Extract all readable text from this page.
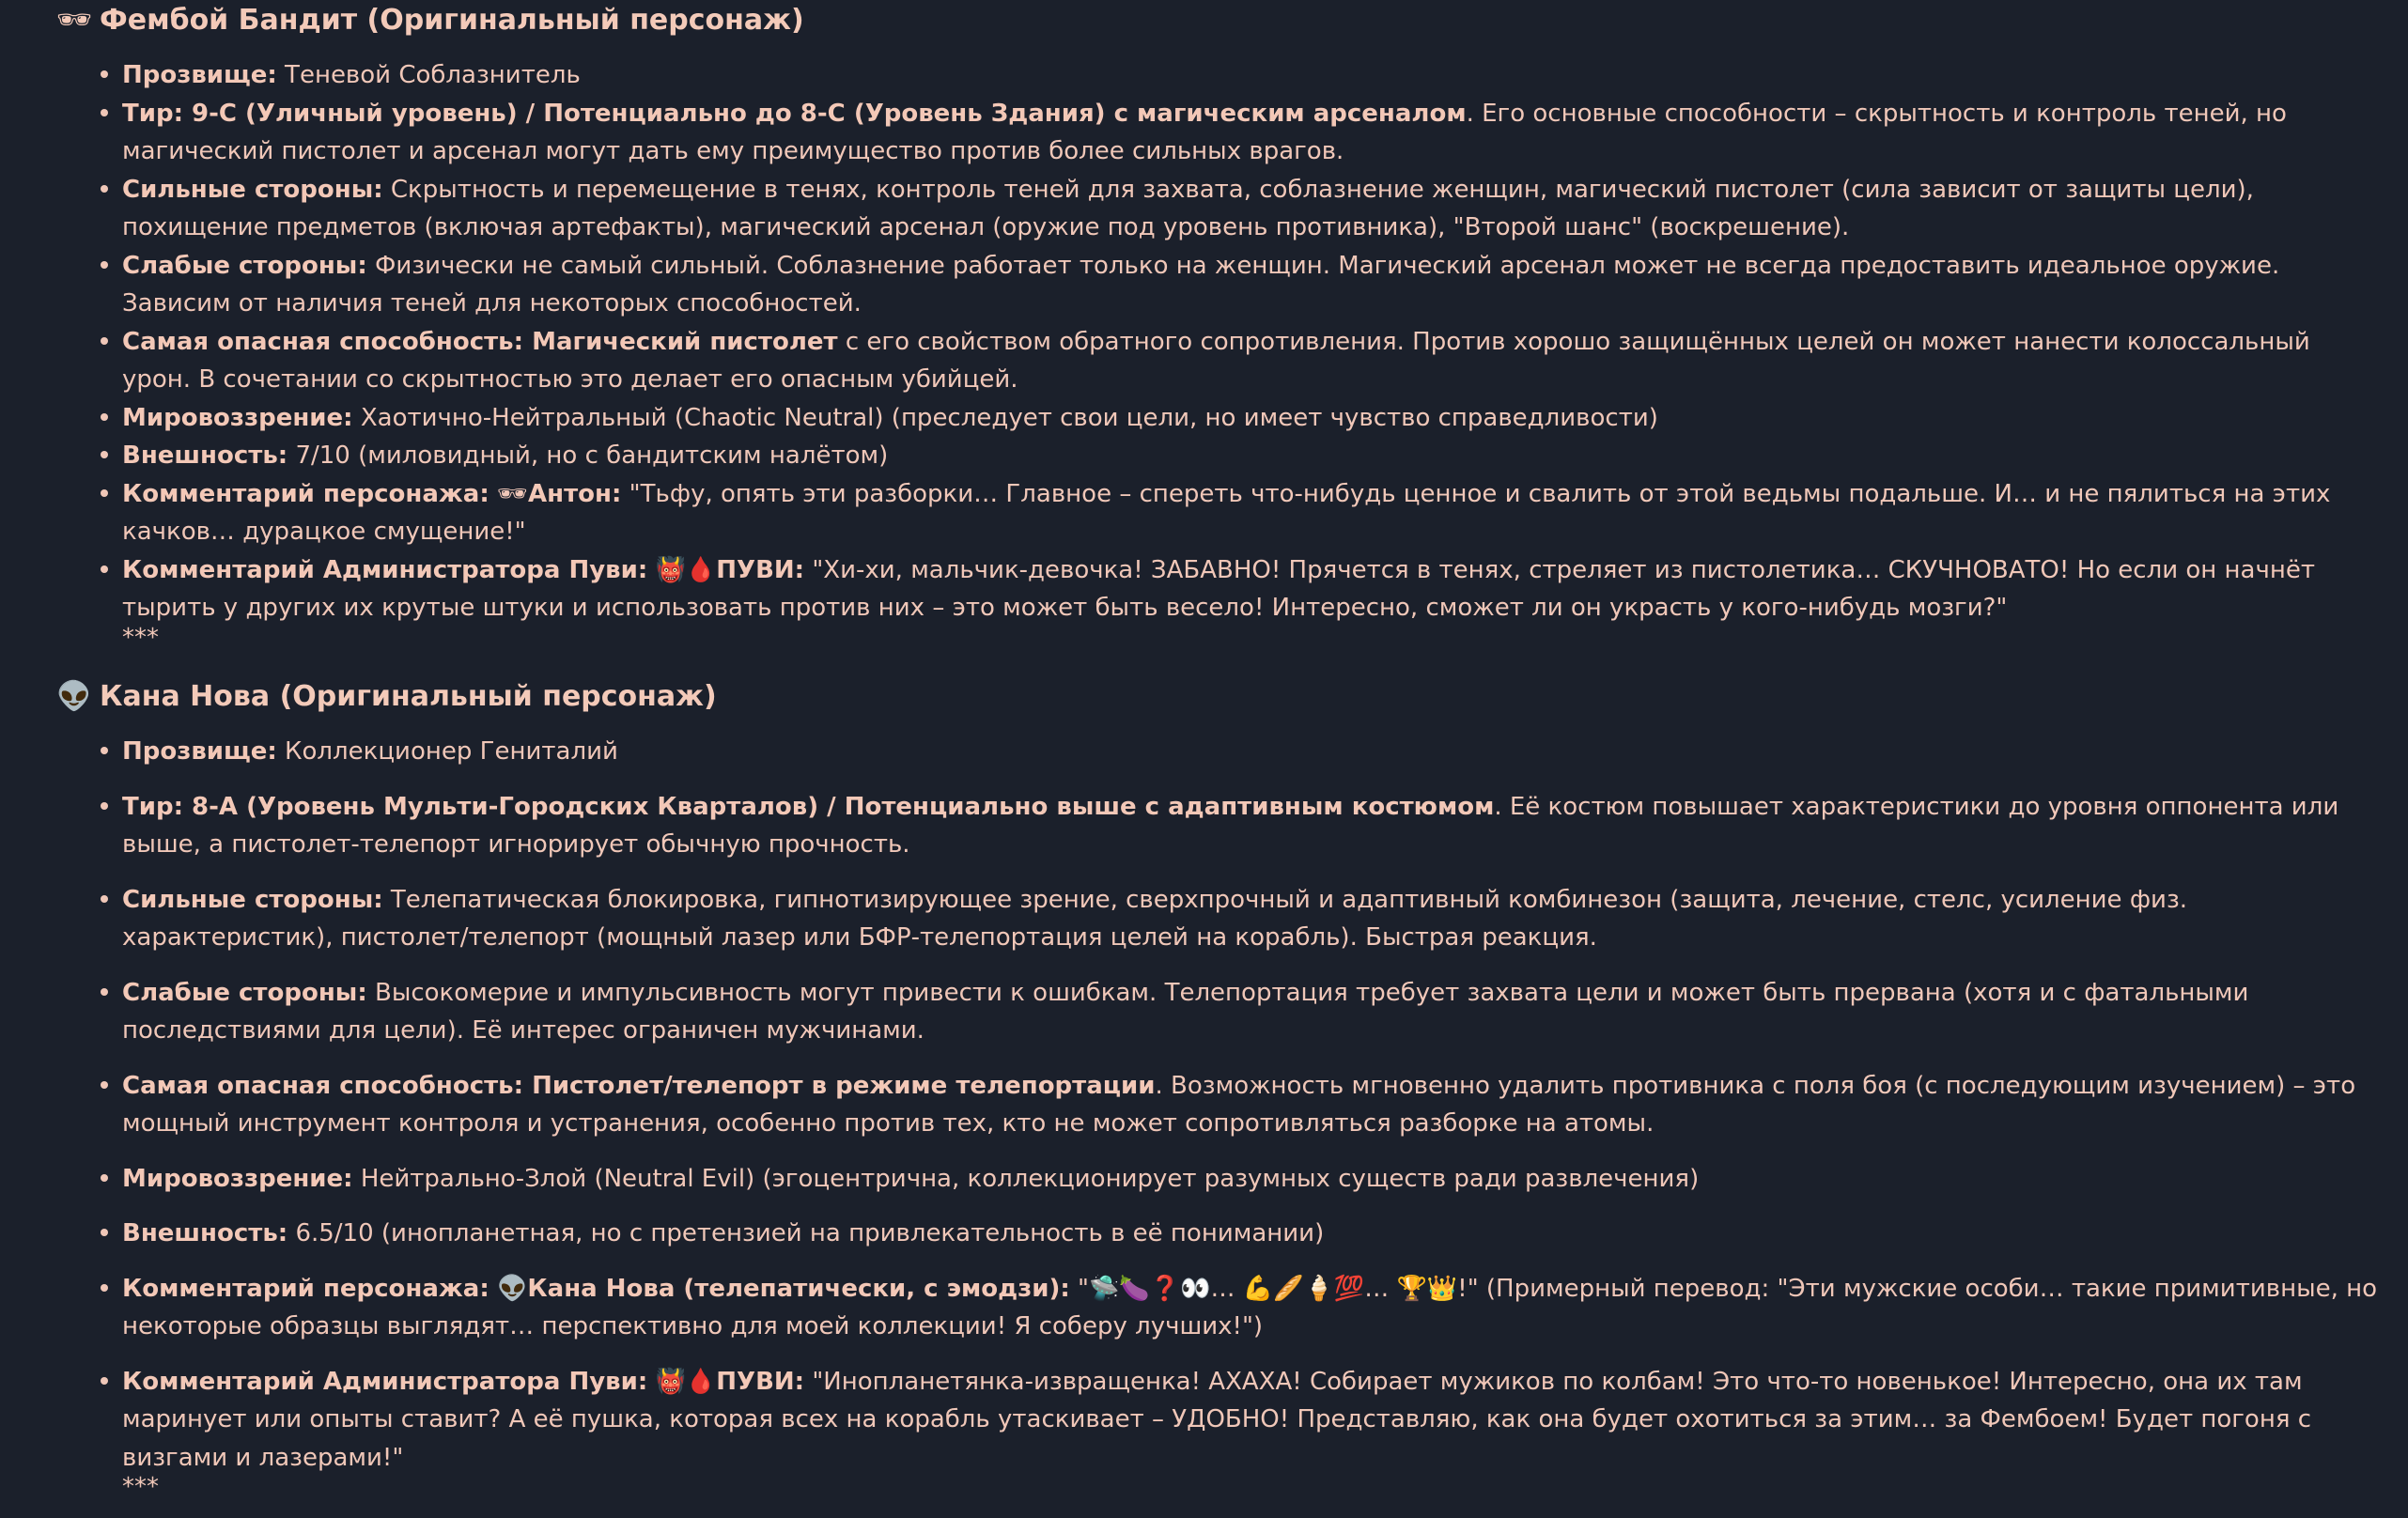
🕶 Фембой Бандит (Оригинальный персонаж)
Прозвище: Теневой Соблазнитель
Тир: 9-C (Уличный уровень) / Потенциально до 8-C (Уровень Здания) с магическим арсеналом. Его основные способности – скрытность и контроль теней, но магический пистолет и арсенал могут дать ему преимущество против более сильных врагов.
Сильные стороны: Скрытность и перемещение в тенях, контроль теней для захвата, соблазнение женщин, магический пистолет (сила зависит от защиты цели), похищение предметов (включая артефакты), магический арсенал (оружие под уровень противника), "Второй шанс" (воскрешение).
Слабые стороны: Физически не самый сильный. Соблазнение работает только на женщин. Магический арсенал может не всегда предоставить идеальное оружие. Зависим от наличия теней для некоторых способностей.
Самая опасная способность: Магический пистолет с его свойством обратного сопротивления. Против хорошо защищённых целей он может нанести колоссальный урон. В сочетании со скрытностью это делает его опасным убийцей.
Мировоззрение: Хаотично-Нейтральный (Chaotic Neutral) (преследует свои цели, но имеет чувство справедливости)
Внешность: 7/10 (миловидный, но с бандитским налётом)
Комментарий персонажа: 🕶Антон: "Тьфу, опять эти разборки… Главное – спереть что-нибудь ценное и свалить от этой ведьмы подальше. И… и не пялиться на этих качков… дурацкое смущение!"
Комментарий Администратора Пуви: 👹🩸ПУВИ: "Хи-хи, мальчик-девочка! ЗАБАВНО! Прячется в тенях, стреляет из пистолетика… СКУЧНОВАТО! Но если он начнёт тырить у других их крутые штуки и использовать против них – это может быть весело! Интересно, сможет ли он украсть у кого-нибудь мозги?"
***
👽 Кана Нова (Оригинальный персонаж)
Прозвище: Коллекционер Гениталий
Тир: 8-A (Уровень Мульти-Городских Кварталов) / Потенциально выше с адаптивным костюмом. Её костюм повышает характеристики до уровня оппонента или выше, а пистолет-телепорт игнорирует обычную прочность.
Сильные стороны: Телепатическая блокировка, гипнотизирующее зрение, сверхпрочный и адаптивный комбинезон (защита, лечение, стелс, усиление физ. характеристик), пистолет/телепорт (мощный лазер или БФР-телепортация целей на корабль). Быстрая реакция.
Слабые стороны: Высокомерие и импульсивность могут привести к ошибкам. Телепортация требует захвата цели и может быть прервана (хотя и с фатальными последствиями для цели). Её интерес ограничен мужчинами.
Самая опасная способность: Пистолет/телепорт в режиме телепортации. Возможность мгновенно удалить противника с поля боя (с последующим изучением) – это мощный инструмент контроля и устранения, особенно против тех, кто не может сопротивляться разборке на атомы.
Мировоззрение: Нейтрально-Злой (Neutral Evil) (эгоцентрична, коллекционирует разумных существ ради развлечения)
Внешность: 6.5/10 (инопланетная, но с претензией на привлекательность в её понимании)
Комментарий персонажа: 👽Кана Нова (телепатически, с эмодзи): "🛸🍆❓👀… 💪🥖🍦💯… 🏆👑!" (Примерный перевод: "Эти мужские особи… такие примитивные, но некоторые образцы выглядят… перспективно для моей коллекции! Я соберу лучших!")
Комментарий Администратора Пуви: 👹🩸ПУВИ: "Инопланетянка-извращенка! АХАХА! Собирает мужиков по колбам! Это что-то новенькое! Интересно, она их там маринует или опыты ставит? А её пушка, которая всех на корабль утаскивает – УДОБНО! Представляю, как она будет охотиться за этим… за Фембоем! Будет погоня с визгами и лазерами!"
***
